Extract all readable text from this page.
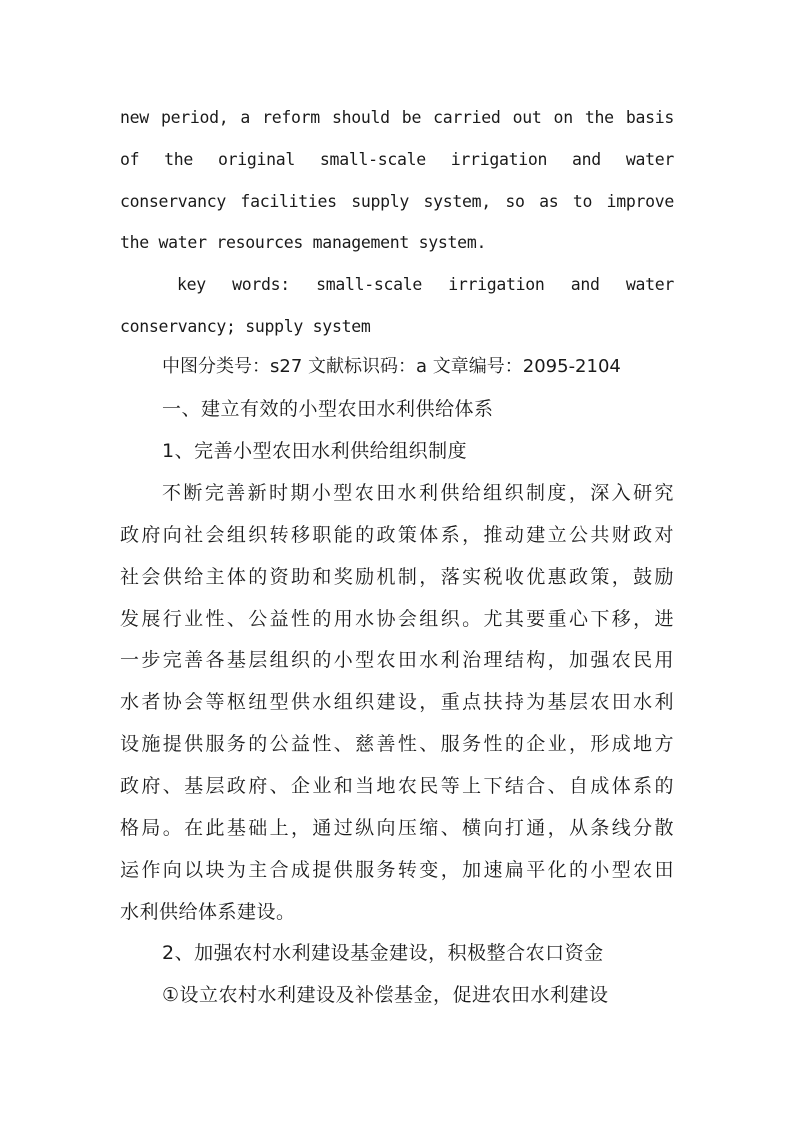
new period, a reform should be carried out on the basis
of the original small-scale irrigation and water
conservancy facilities supply system, so as to improve
the water resources management system.
key words: small-scale irrigation and water
conservancy; supply system
中图分类号：s27 文献标识码：a 文章编号：2095-2104
一、建立有效的小型农田水利供给体系
1、完善小型农田水利供给组织制度
不断完善新时期小型农田水利供给组织制度，深入研究
政府向社会组织转移职能的政策体系，推动建立公共财政对
社会供给主体的资助和奖励机制，落实税收优惠政策，鼓励
发展行业性、公益性的用水协会组织。尤其要重心下移，进
一步完善各基层组织的小型农田水利治理结构，加强农民用
水者协会等枢纽型供水组织建设，重点扶持为基层农田水利
设施提供服务的公益性、慈善性、服务性的企业，形成地方
政府、基层政府、企业和当地农民等上下结合、自成体系的
格局。在此基础上，通过纵向压缩、横向打通，从条线分散
运作向以块为主合成提供服务转变，加速扁平化的小型农田
水利供给体系建设。
2、加强农村水利建设基金建设，积极整合农口资金
①设立农村水利建设及补偿基金，促进农田水利建设
